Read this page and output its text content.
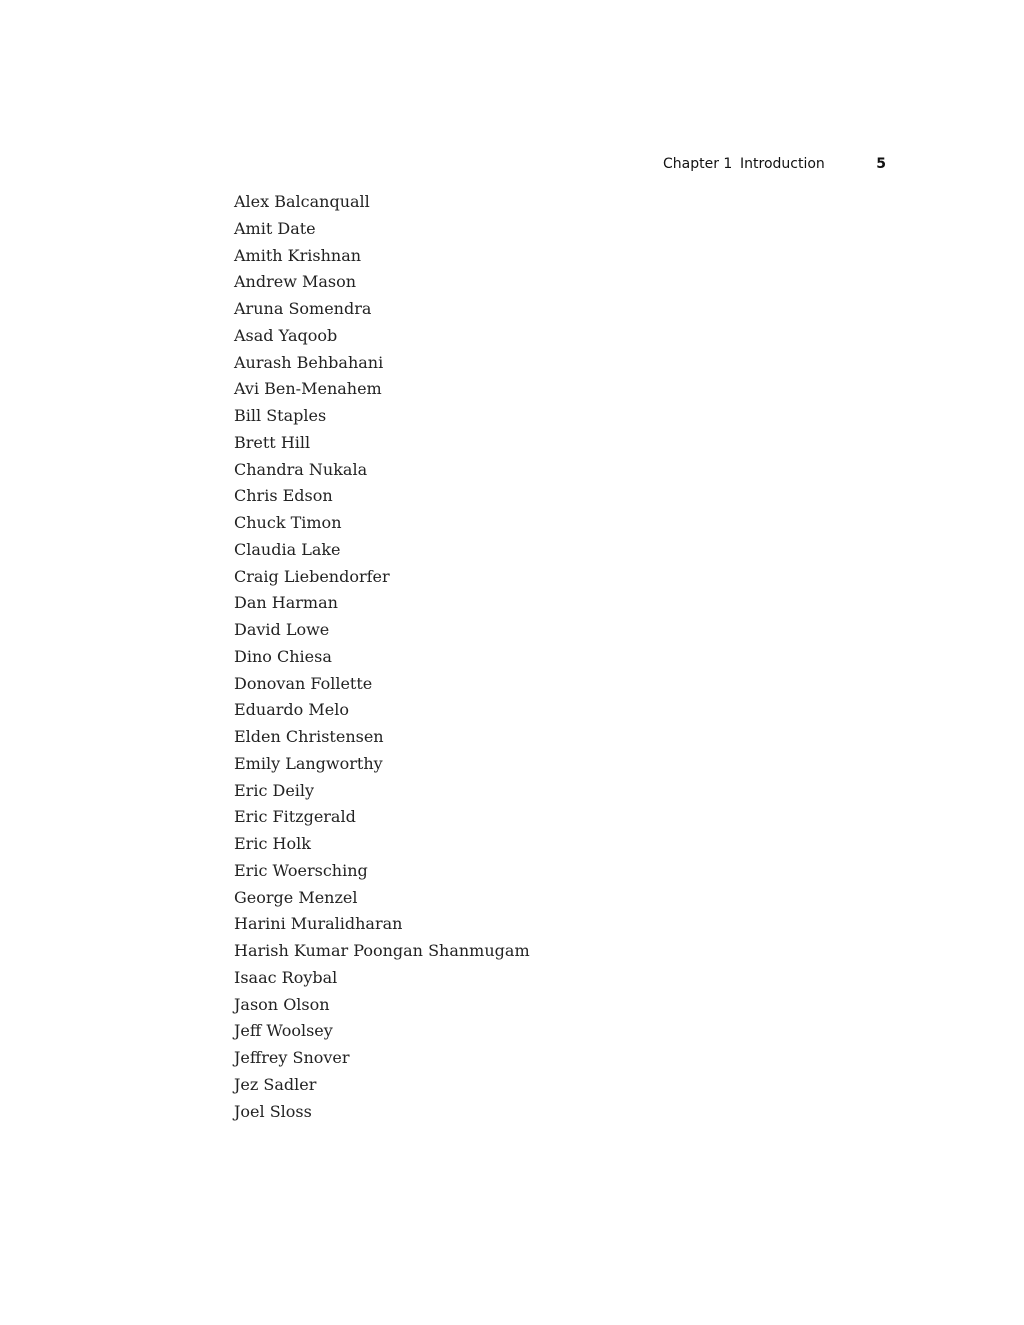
Chapter 1 Introduction	5
Alex Balcanquall
Amit Date
Amith Krishnan
Andrew Mason
Aruna Somendra
Asad Yaqoob
Aurash Behbahani
Avi Ben-Menahem
Bill Staples
Brett Hill
Chandra Nukala
Chris Edson
Chuck Timon
Claudia Lake
Craig Liebendorfer
Dan Harman
David Lowe
Dino Chiesa
Donovan Follette
Eduardo Melo
Elden Christensen
Emily Langworthy
Eric Deily
Eric Fitzgerald
Eric Holk
Eric Woersching
George Menzel
Harini Muralidharan
Harish Kumar Poongan Shanmugam
Isaac Roybal
Jason Olson
Jeff Woolsey
Jeffrey Snover
Jez Sadler
Joel Sloss
